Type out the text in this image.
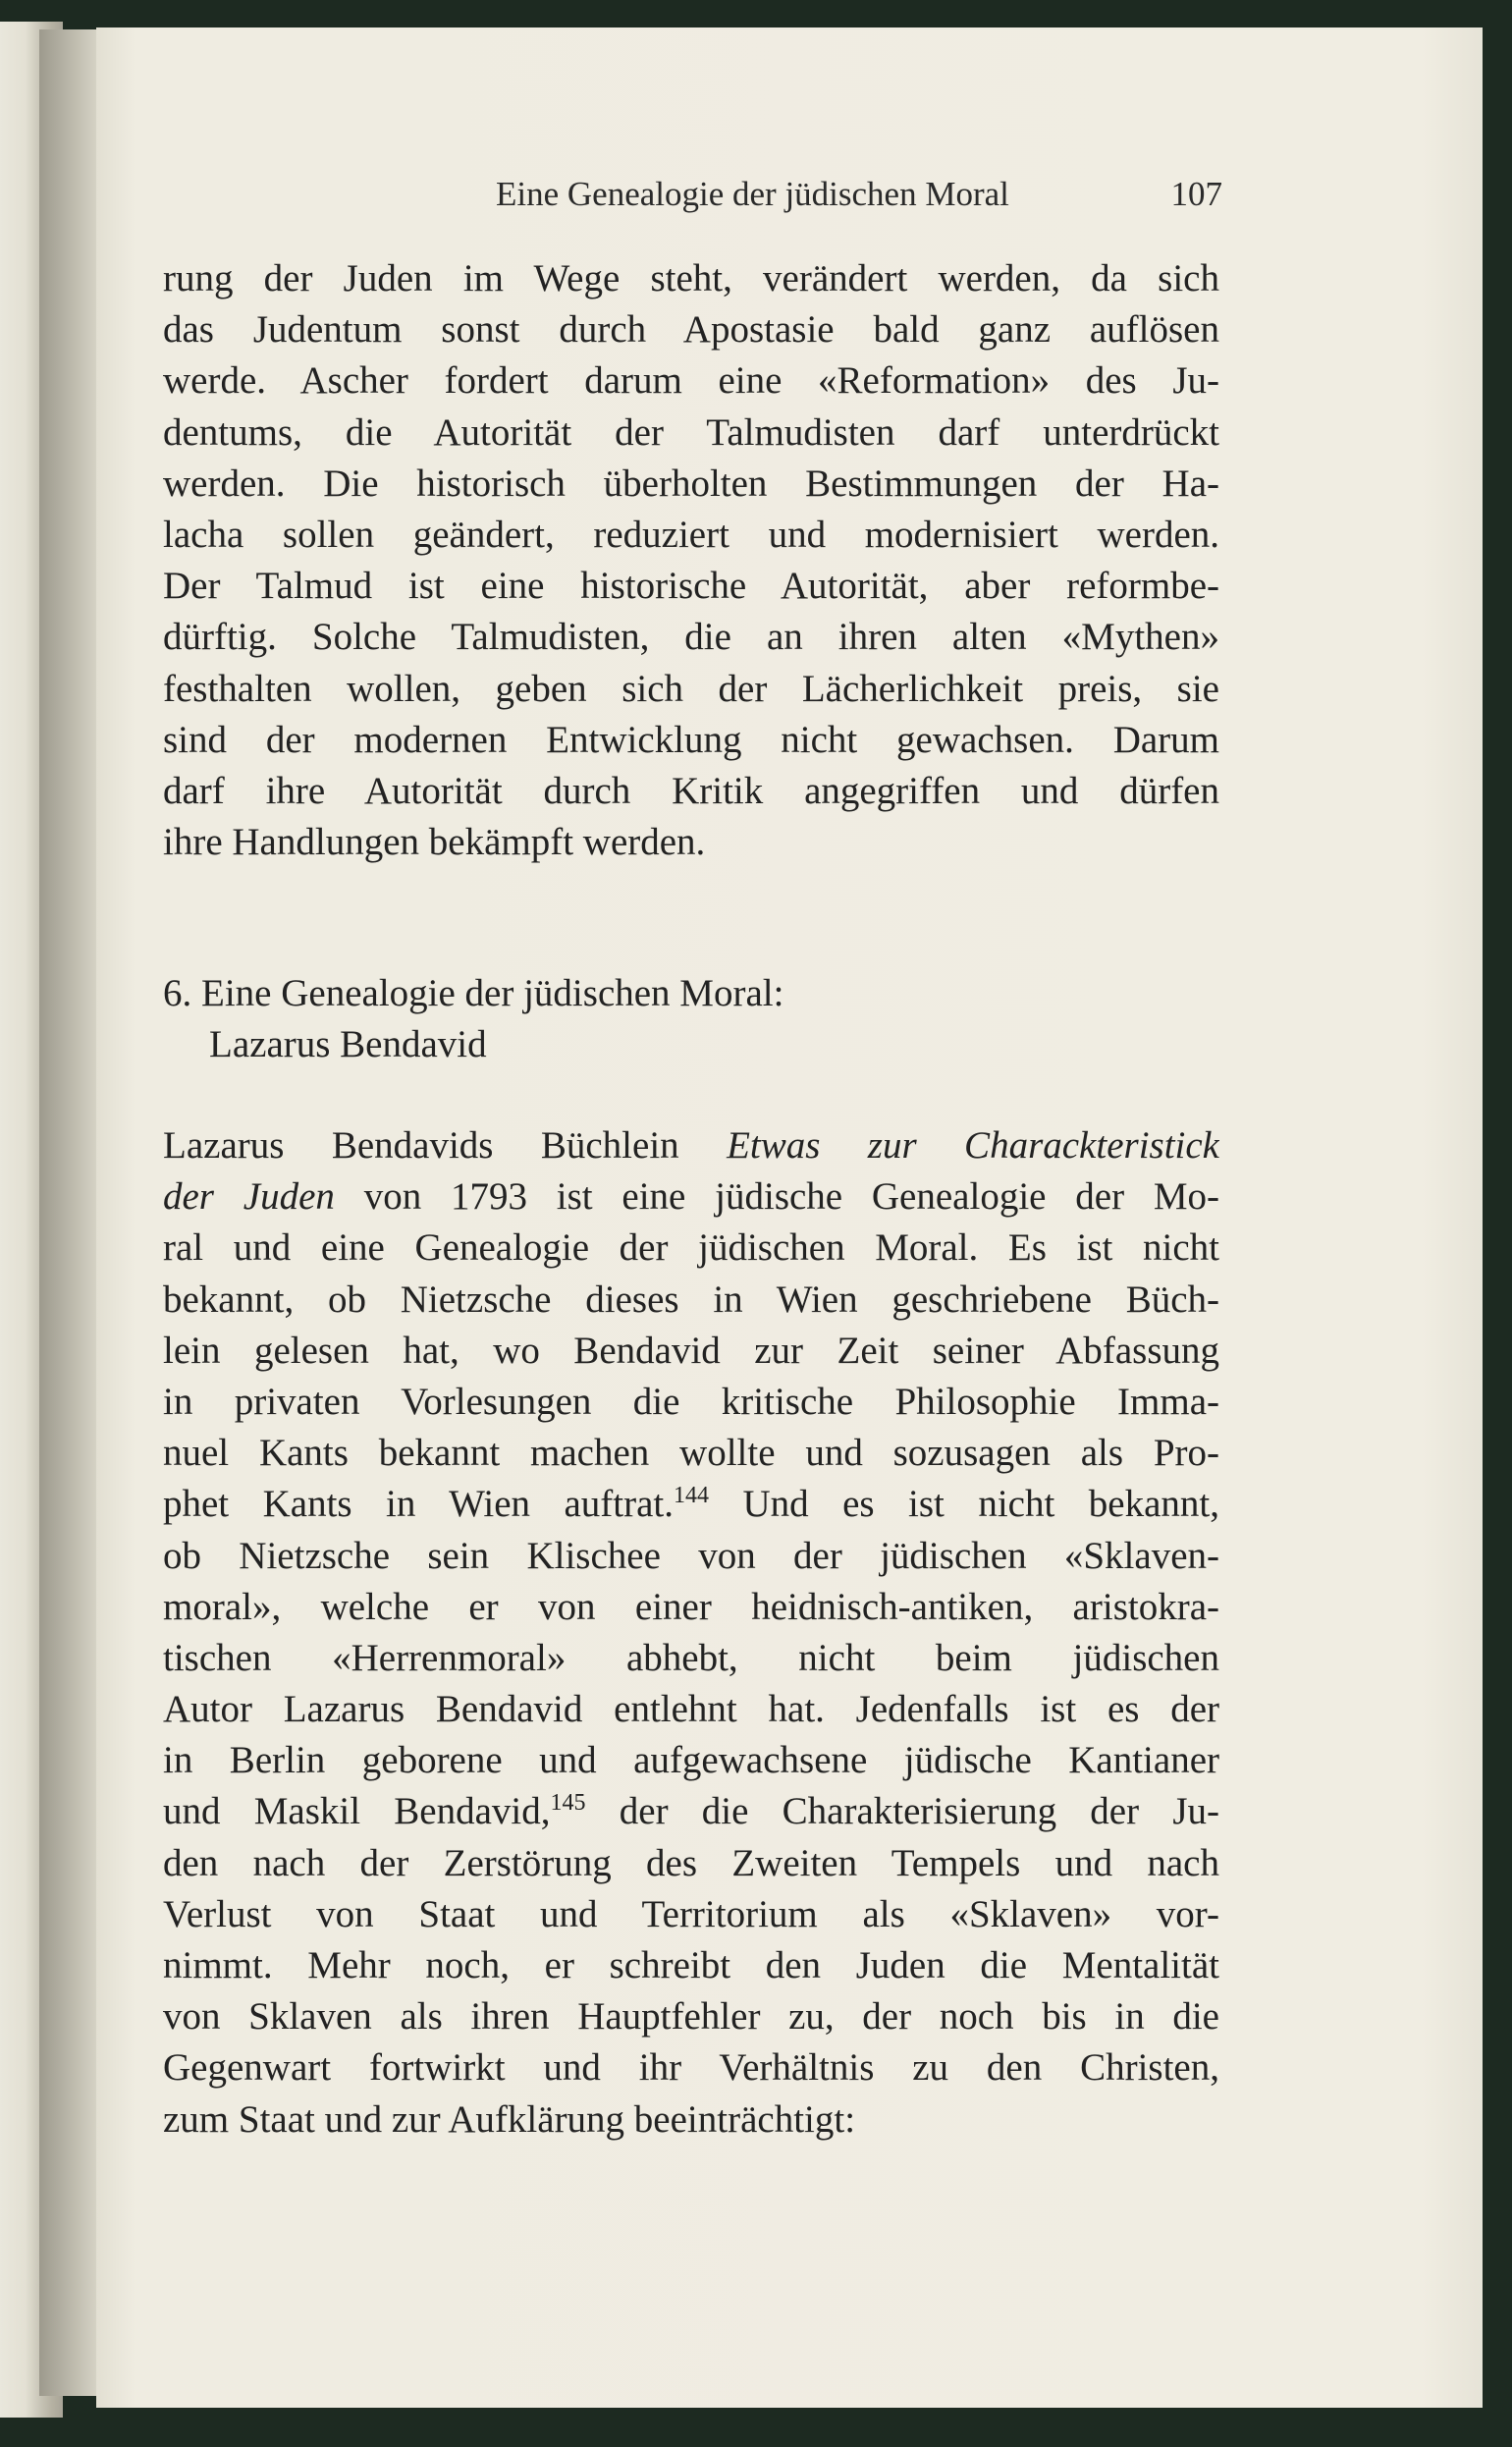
Eine Genealogie der jüdischen Moral	107
rung der Juden im Wege steht, verändert werden, da sich
das Judentum sonst durch Apostasie bald ganz auflösen
werde. Ascher fordert darum eine «Reformation» des Ju-
dentums, die Autorität der Talmudisten darf unterdrückt
werden. Die historisch überholten Bestimmungen der Ha-
lacha sollen geändert, reduziert und modernisiert werden.
Der Talmud ist eine historische Autorität, aber reformbe-
dürftig. Solche Talmudisten, die an ihren alten «Mythen»
festhalten wollen, geben sich der Lächerlichkeit preis, sie
sind der modernen Entwicklung nicht gewachsen. Darum
darf ihre Autorität durch Kritik angegriffen und dürfen
ihre Handlungen bekämpft werden.
6. Eine Genealogie der jüdischen Moral:
Lazarus Bendavid
Lazarus Bendavids Büchlein Etwas zur Charackteristick
der Juden von 1793 ist eine jüdische Genealogie der Mo-
ral und eine Genealogie der jüdischen Moral. Es ist nicht
bekannt, ob Nietzsche dieses in Wien geschriebene Büch-
lein gelesen hat, wo Bendavid zur Zeit seiner Abfassung
in privaten Vorlesungen die kritische Philosophie Imma-
nuel Kants bekannt machen wollte und sozusagen als Pro-
phet Kants in Wien auftrat.$^{144}$ Und es ist nicht bekannt,
ob Nietzsche sein Klischee von der jüdischen «Sklaven-
moral», welche er von einer heidnisch-antiken, aristokra-
tischen «Herrenmoral» abhebt, nicht beim jüdischen
Autor Lazarus Bendavid entlehnt hat. Jedenfalls ist es der
in Berlin geborene und aufgewachsene jüdische Kantianer
und Maskil Bendavid,$^{145}$ der die Charakterisierung der Ju-
den nach der Zerstörung des Zweiten Tempels und nach
Verlust von Staat und Territorium als «Sklaven» vor-
nimmt. Mehr noch, er schreibt den Juden die Mentalität
von Sklaven als ihren Hauptfehler zu, der noch bis in die
Gegenwart fortwirkt und ihr Verhältnis zu den Christen,
zum Staat und zur Aufklärung beeinträchtigt:
